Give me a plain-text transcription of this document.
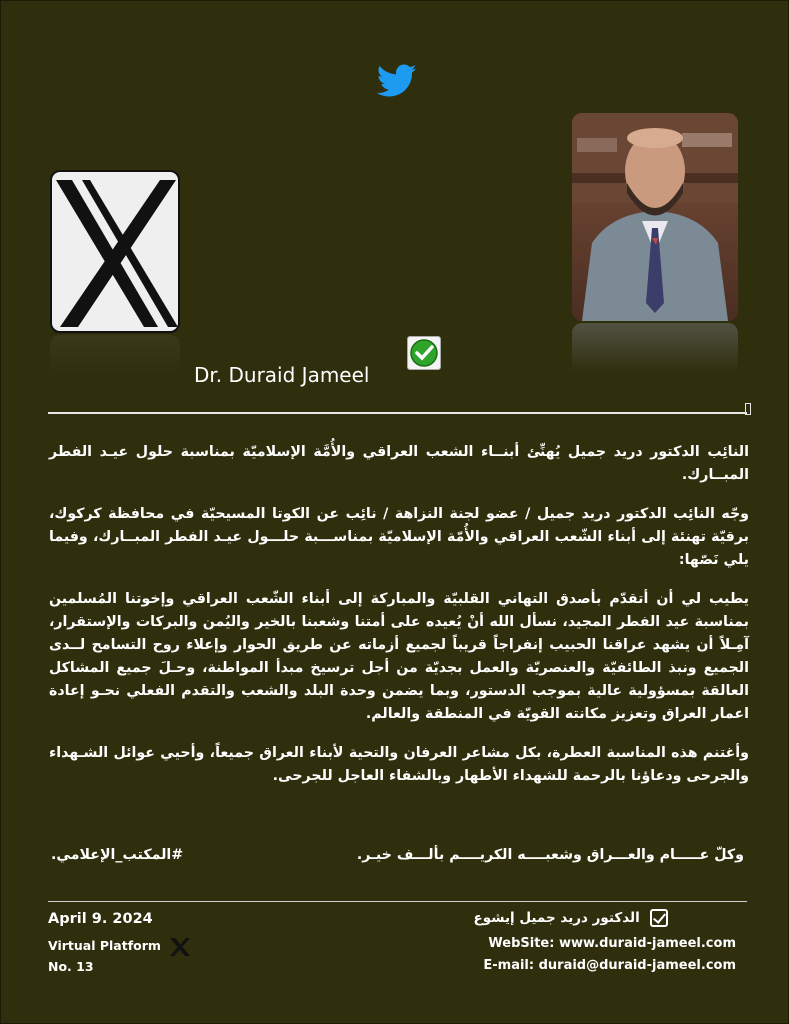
Dr. Duraid Jameel

النائِب الدكتور دريد جميل يُهنِّئ أبنــاء الشعب العراقي والأُمَّة الإسلاميّة بمناسبة حلول عيـد الفطر المبــارك.

وجّه النائِب الدكتور دريد جميل / عضو لجنة النزاهة / نائِب عن الكوتا المسيحيّة في محافظة كركوك، برقيّة تهنئة إلى أبناء الشّعب العراقي والأُمّة الإسلاميّة بمناســـبة حلـــول عيـد الفطر المبــارك، وفيما يلي نَصّها:

يطيب لي أن أتقدّم بأصدق التهاني القلبيّة والمباركة إلى أبناء الشّعب العراقي وإخوتنا المُسلمين بمناسبة عيد الفطر المجيد، نسأل الله أنْ يُعيده على أمتنا وشعبنا بالخير واليُمن والبركات والإستقرار، آمِـلاً أن يشهد عراقنا الحبيب إنفراجاً قريباً لجميع أزماته عن طريق الحوار وإعلاء روح التسامح لــدى الجميع ونبذ الطائفيّة والعنصريّة والعمل بجديّة من أجل ترسيخ مبدأ المواطنة، وحـلَ جميع المشاكل العالقة بمسؤولية عالية بموجب الدستور، وبما يضمن وحدة البلد والشعب والتقدم الفعلي نحـو إعادة اعمار العراق وتعزيز مكانته القويّة في المنطقة والعالم.

وأغتنم هذه المناسبة العطرة، بكل مشاعر العرفان والتحية لأبناء العراق جميعاً، وأحيي عوائل الشـهداء والجرحى ودعاؤنا بالرحمة للشهداء الأطهار وبالشفاء العاجل للجرحى.

وكلّ عـــــام والعـــراق وشعبــــه الكريــــم بألـــف خيـر.
#المكتب_الإعلامي.
April 9. 2024
Virtual Platform
No. 13
الدكتور دريد جميل إيشوع
WebSite: www.duraid-jameel.com
E-mail: duraid@duraid-jameel.com
